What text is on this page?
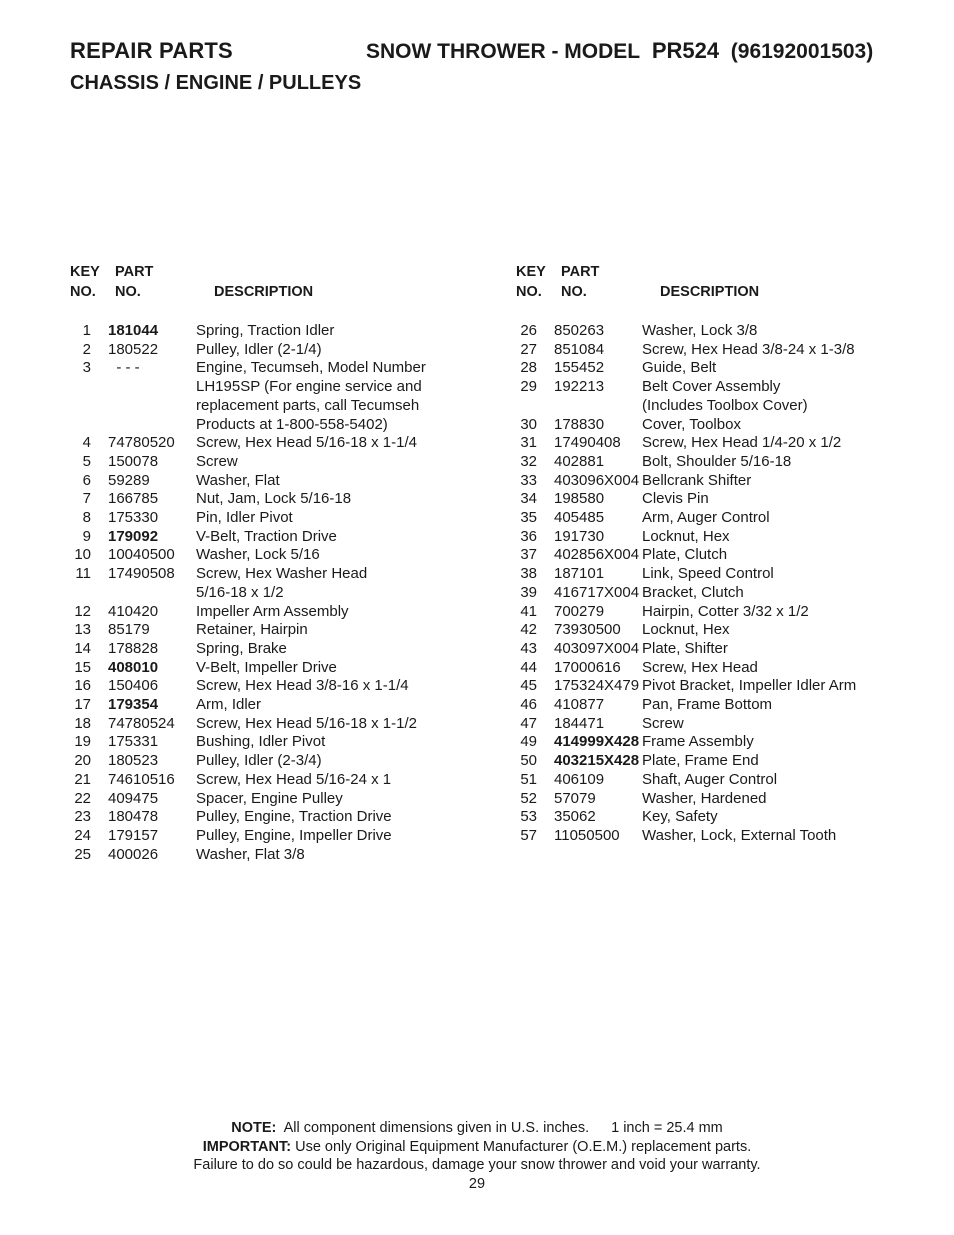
REPAIR PARTS	SNOW THROWER - MODEL PR524 (96192001503)
CHASSIS / ENGINE / PULLEYS
KEY
NO.
PART
NO.	DESCRIPTION
1	181044	Spring, Traction Idler
2	180522	Pulley, Idler (2-1/4)
3	- - -	Engine, Tecumseh, Model Number
LH195SP (For engine service and
replacement parts, call Tecumseh
Products at 1-800-558-5402)
4	74780520	Screw, Hex Head 5/16-18 x 1-1/4
5	150078	Screw
6	59289	Washer, Flat
7	166785	Nut, Jam, Lock 5/16-18
8	175330	Pin, Idler Pivot
9	179092	V-Belt, Traction Drive
10	10040500	Washer, Lock 5/16
11	17490508	Screw, Hex Washer Head
5/16-18 x 1/2
12	410420	Impeller Arm Assembly
13	85179	Retainer, Hairpin
14	178828	Spring, Brake
15	408010	V-Belt, Impeller Drive
16	150406	Screw, Hex Head 3/8-16 x 1-1/4
17	179354	Arm, Idler
18	74780524	Screw, Hex Head 5/16-18 x 1-1/2
19	175331	Bushing, Idler Pivot
20	180523	Pulley, Idler (2-3/4)
21	74610516	Screw, Hex Head 5/16-24 x 1
22	409475	Spacer, Engine Pulley
23	180478	Pulley, Engine, Traction Drive
24	179157	Pulley, Engine, Impeller Drive
25	400026	Washer, Flat 3/8
KEY
NO.
PART
NO.	DESCRIPTION
26	850263	Washer, Lock 3/8
27	851084	Screw, Hex Head 3/8-24 x 1-3/8
28	155452	Guide, Belt
29	192213	Belt Cover Assembly
(Includes Toolbox Cover)
30	178830	Cover, Toolbox
31	17490408	Screw, Hex Head 1/4-20 x 1/2
32	402881	Bolt, Shoulder 5/16-18
33	403096X004 Bellcrank Shifter
34	198580	Clevis Pin
35	405485	Arm, Auger Control
36	191730	Locknut, Hex
37	402856X004 Plate, Clutch
38	187101	Link, Speed Control
39	416717X004 Bracket, Clutch
41	700279	Hairpin, Cotter 3/32 x 1/2
42	73930500	Locknut, Hex
43	403097X004 Plate, Shifter
44	17000616	Screw, Hex Head
45	175324X479 Pivot Bracket, Impeller Idler Arm
46	410877	Pan, Frame Bottom
47	184471	Screw
49	414999X428 Frame Assembly
50	403215X428 Plate, Frame End
51	406109	Shaft, Auger Control
52	57079	Washer, Hardened
53	35062	Key, Safety
57	11050500	Washer, Lock, External Tooth
NOTE: All component dimensions given in U.S. inches. 1 inch = 25.4 mm
IMPORTANT: Use only Original Equipment Manufacturer (O.E.M.) replacement parts.
Failure to do so could be hazardous, damage your snow thrower and void your warranty.
29
